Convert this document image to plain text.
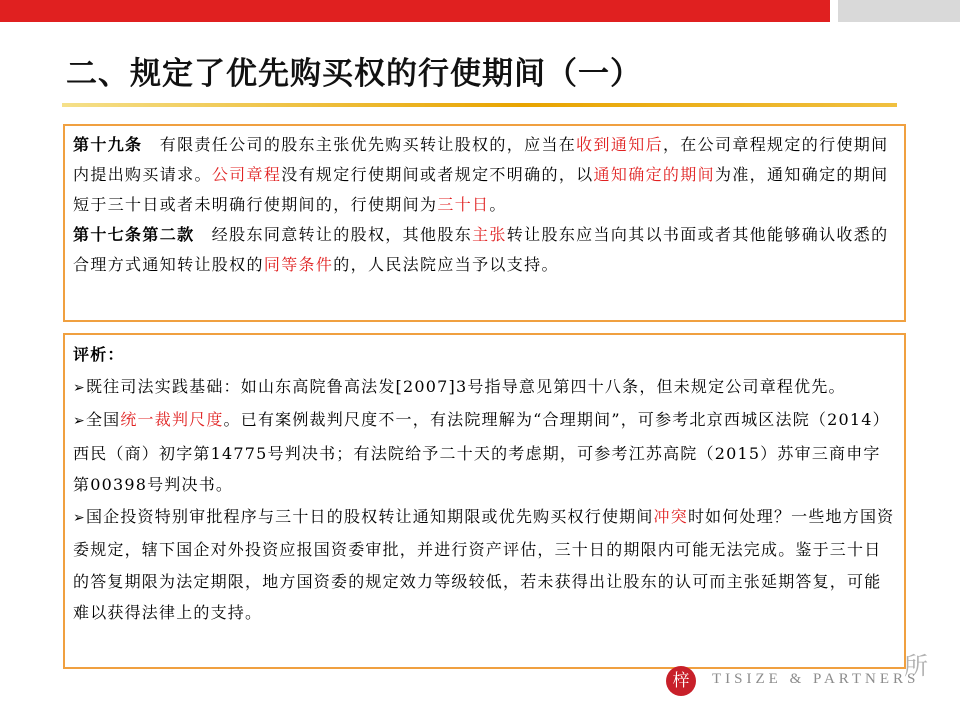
二、规定了优先购买权的行使期间（一）

第十九条　有限责任公司的股东主张优先购买转让股权的，应当在收到通知后，在公司章程规定的行使期间内提出购买请求。公司章程没有规定行使期间或者规定不明确的，以通知确定的期间为准，通知确定的期间短于三十日或者未明确行使期间的，行使期间为三十日。

第十七条第二款　经股东同意转让的股权，其他股东主张转让股东应当向其以书面或者其他能够确认收悉的合理方式通知转让股权的同等条件的，人民法院应当予以支持。

评析：

➢既往司法实践基础：如山东高院鲁高法发[2007]3号指导意见第四十八条，但未规定公司章程优先。

➢全国统一裁判尺度。已有案例裁判尺度不一，有法院理解为“合理期间”，可参考北京西城区法院（2014）西民（商）初字第14775号判决书；有法院给予二十天的考虑期，可参考江苏高院（2015）苏审三商申字第00398号判决书。

➢国企投资特别审批程序与三十日的股权转让通知期限或优先购买权行使期间冲突时如何处理？一些地方国资委规定，辖下国企对外投资应报国资委审批，并进行资产评估，三十日的期限内可能无法完成。鉴于三十日的答复期限为法定期限，地方国资委的规定效力等级较低，若未获得出让股东的认可而主张延期答复，可能难以获得法律上的支持。

所
梓	TISIZE & PARTNERS
